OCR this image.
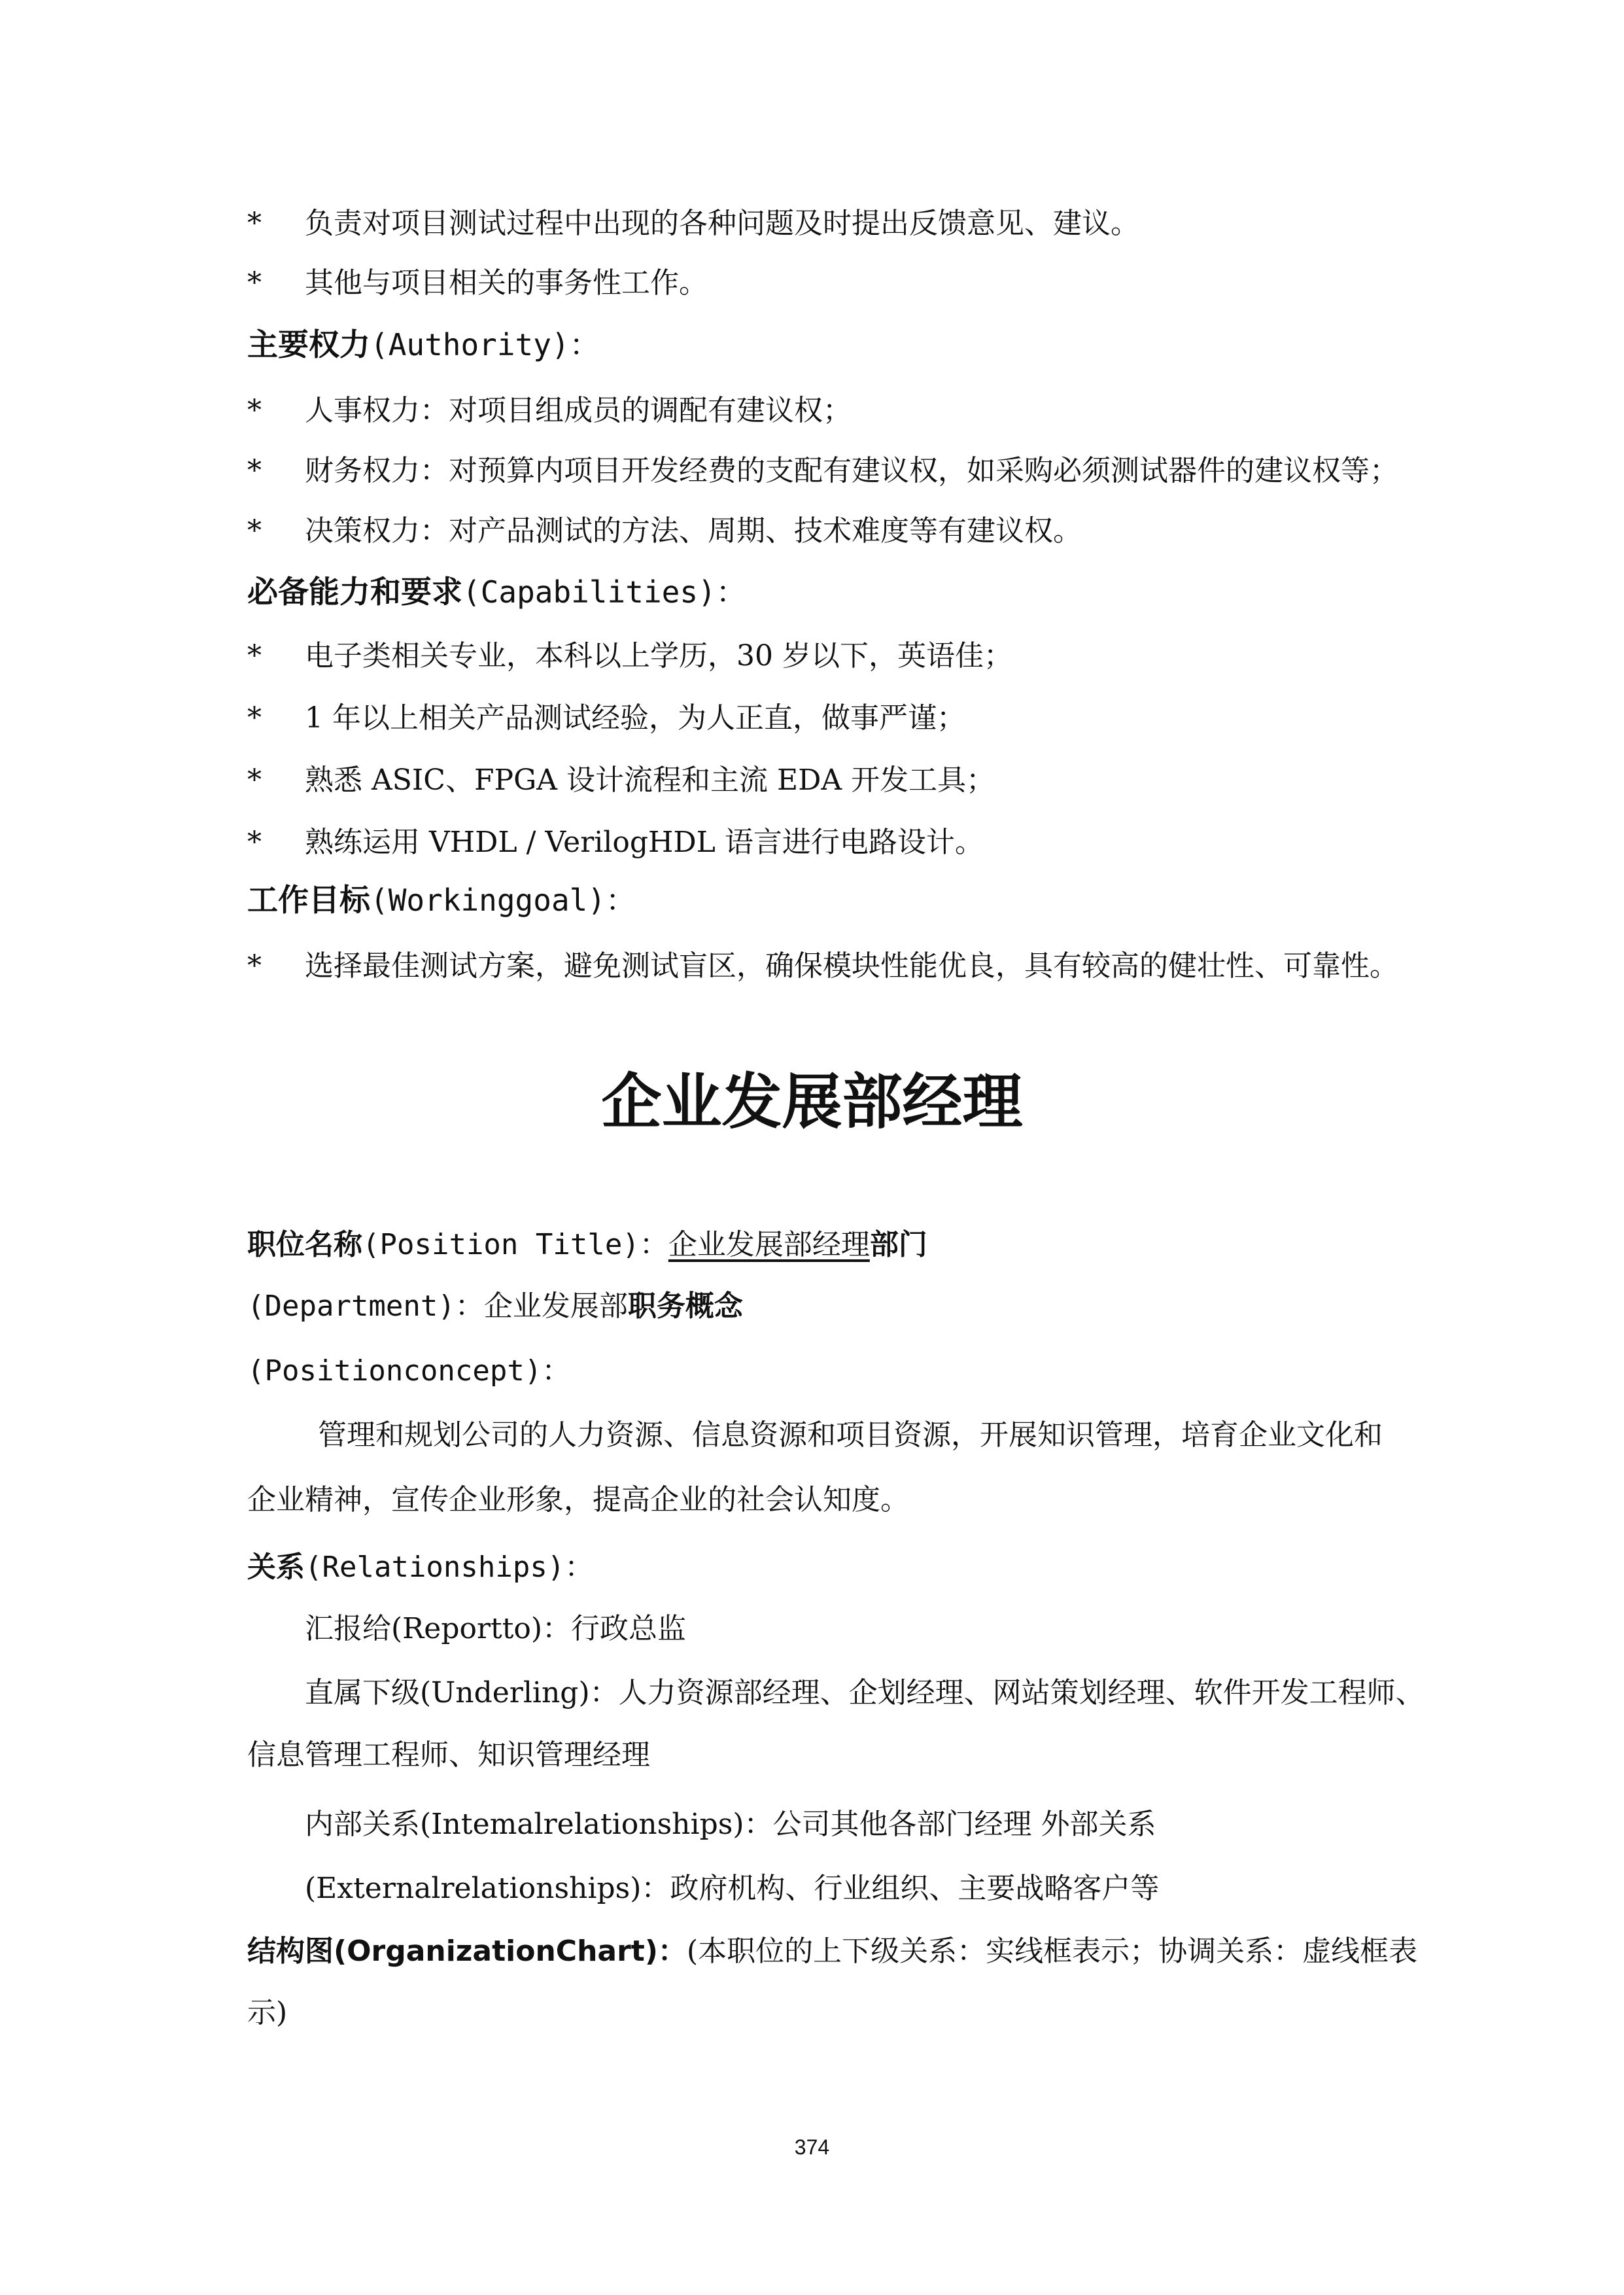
* 负责对项目测试过程中出现的各种问题及时提出反馈意见、建议。
* 其他与项目相关的事务性工作。
主要权力(Authority)：
* 人事权力：对项目组成员的调配有建议权；
* 财务权力：对预算内项目开发经费的支配有建议权，如采购必须测试器件的建议权等；
* 决策权力：对产品测试的方法、周期、技术难度等有建议权。
必备能力和要求(Capabilities)：
* 电子类相关专业，本科以上学历，30 岁以下，英语佳；
* 1 年以上相关产品测试经验，为人正直，做事严谨；
* 熟悉 ASIC、FPGA 设计流程和主流 EDA 开发工具；
* 熟练运用 VHDL / VerilogHDL 语言进行电路设计。
工作目标(Workinggoal)：
* 选择最佳测试方案，避免测试盲区，确保模块性能优良，具有较高的健壮性、可靠性。
企业发展部经理
职位名称(Position Title)：企业发展部经理部门
(Department)：企业发展部职务概念
(Positionconcept)：
管理和规划公司的人力资源、信息资源和项目资源，开展知识管理，培育企业文化和
企业精神，宣传企业形象，提高企业的社会认知度。
关系(Relationships)：
汇报给(Reportto)：行政总监
直属下级(Underling)：人力资源部经理、企划经理、网站策划经理、软件开发工程师、
信息管理工程师、知识管理经理
内部关系(Intemalrelationships)：公司其他各部门经理 外部关系
(Externalrelationships)：政府机构、行业组织、主要战略客户等
结构图(OrganizationChart)：(本职位的上下级关系：实线框表示；协调关系：虚线框表
示)
374
